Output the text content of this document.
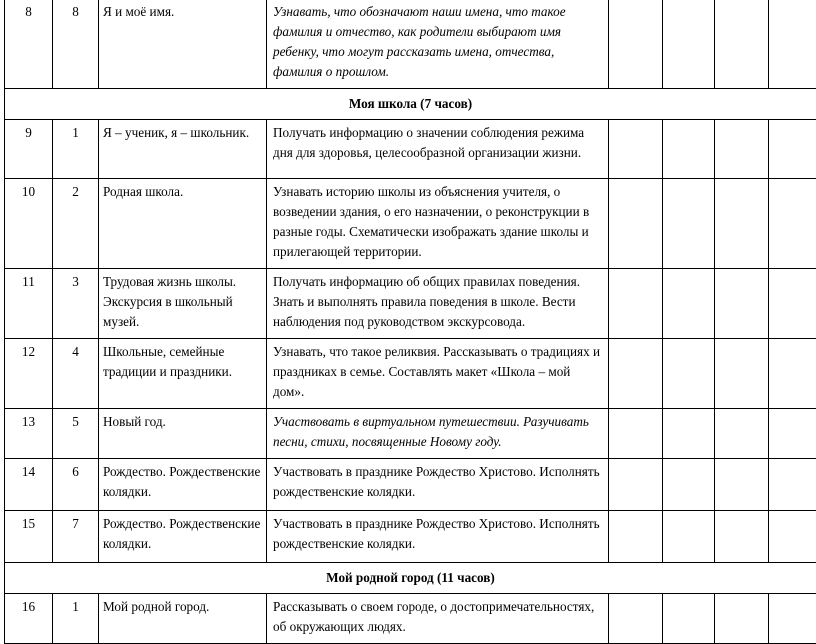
8	8	Я и моё имя.	Узнавать, что обозначают наши имена, что такое фамилия и отчество, как родители выбирают имя ребенку, что могут рассказать имена, отчества, фамилия о прошлом.				
Моя школа (7 часов)							
9	1	Я – ученик, я – школьник.	Получать информацию о значении соблюдения режима дня для здоровья, целесообразной организации жизни.				
10	2	Родная школа.	Узнавать историю школы из объяснения учителя, о возведении здания, о его назначении, о реконструкции в разные годы. Схематически изображать здание школы и прилегающей территории.				
11	3	Трудовая жизнь школы. Экскурсия в школьный музей.	Получать информацию об общих правилах поведения. Знать и выполнять правила поведения в школе. Вести наблюдения под руководством экскурсовода.				
12	4	Школьные, семейные традиции и праздники.	Узнавать, что такое реликвия. Рассказывать о традициях и праздниках в семье. Составлять макет «Школа – мой дом».				
13	5	Новый год.	Участвовать в виртуальном путешествии. Разучивать песни, стихи, посвященные Новому году.				
14	6	Рождество. Рождественские колядки.	Участвовать в празднике Рождество Христово. Исполнять рождественские колядки.				
15	7	Рождество. Рождественские колядки.	Участвовать в празднике Рождество Христово. Исполнять рождественские колядки.				
Мой родной город (11 часов)							
16	1	Мой родной город.	Рассказывать о своем городе, о достопримечательностях, об окружающих людях.				
